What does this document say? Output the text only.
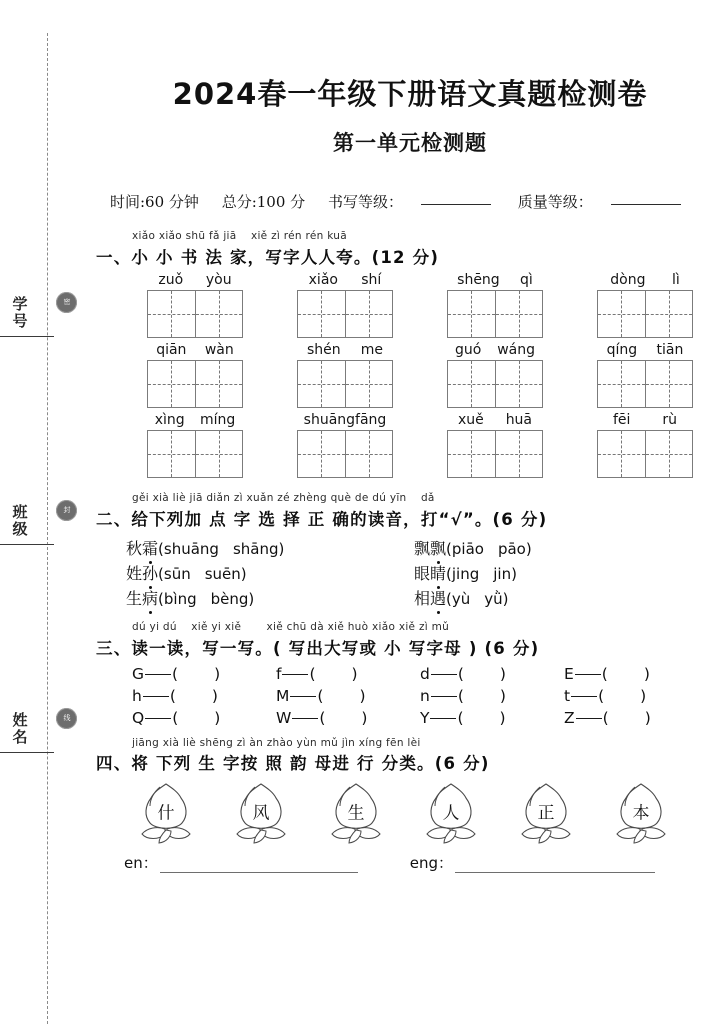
密
封
线
学号
班级
姓名
2024春一年级下册语文真题检测卷
第一单元检测题
时间:60 分钟 总分:100 分 书写等级：	质量等级：
xiǎo xiǎo shū fǎ jiā　 xiě zì rén rén kuā
一、小 小 书 法 家，写字人人夸。(12 分)
zuǒ yòu	xiǎo shí	shēng qì	dòng lì
qiān wàn	shén me	guó wáng	qíng tiān
xìng míng	shuāngfāng	xuě huā	fēi rù
gěi xià liè jiā diǎn zì xuǎn zé zhèng què de dú yīn　 dǎ
二、给下列加 点 字 选 择 正 确的读音，打“√”。(6 分)
秋霜(shuāng shāng)	飘飘(piāo pāo)
姓孙(sūn suēn)	眼睛(jing jin)
生病(bìng bèng)	相遇(yù yǜ)
dú yi dú　 xiě yi xiě　　 xiě chū dà xiě huò xiǎo xiě zì mǔ
三、读一读，写一写。( 写出大写或 小 写字母 ) (6 分)
G ( )	f ( )	d ( )	E ( )
h ( )	M ( )	n ( )	t ( )
Q ( )	W ( )	Y ( )	Z ( )
jiāng xià liè shēng zì àn zhào yùn mǔ jìn xíng fēn lèi
四、将 下列 生 字按 照 韵 母进 行 分类。(6 分)
什	风	生	人	正	本
en：	eng：
